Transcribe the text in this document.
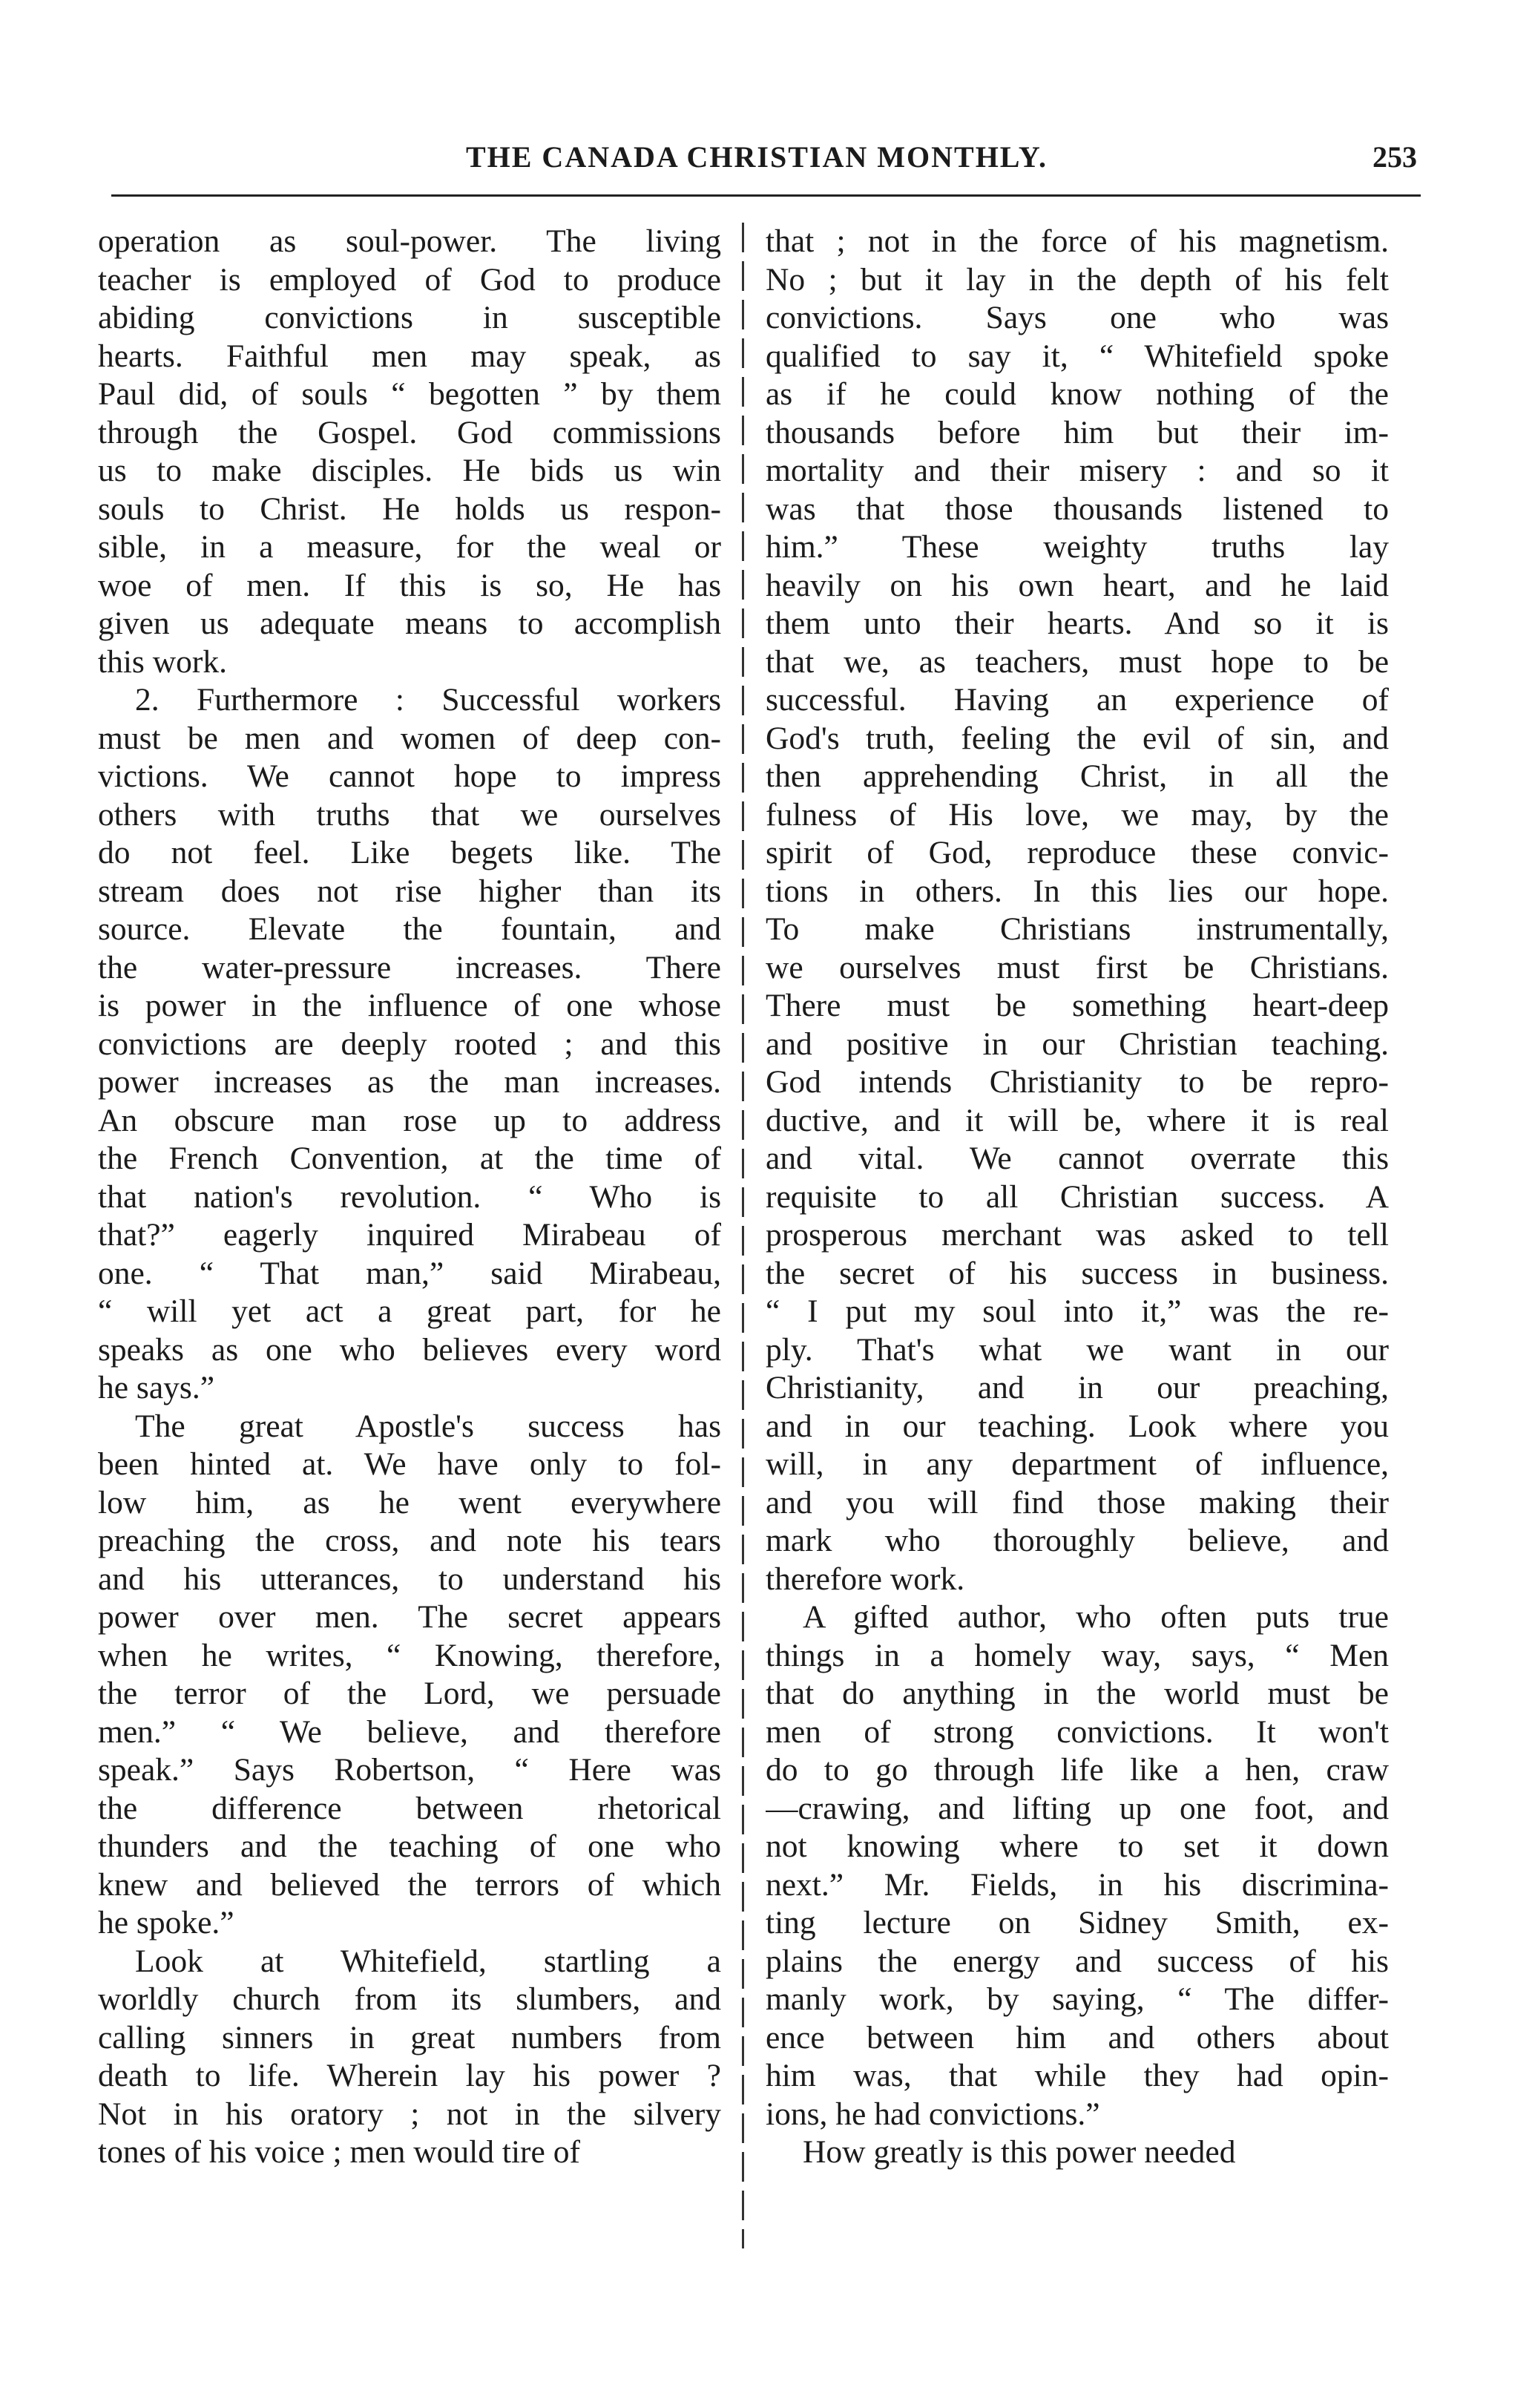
THE CANADA CHRISTIAN MONTHLY.	253
operation as soul-power. The living
teacher is employed of God to produce
abiding convictions in susceptible
hearts. Faithful men may speak, as
Paul did, of souls “ begotten ” by them
through the Gospel. God commissions
us to make disciples. He bids us win
souls to Christ. He holds us respon-
sible, in a measure, for the weal or
woe of men. If this is so, He has
given us adequate means to accomplish
this work.
2. Furthermore : Successful workers
must be men and women of deep con-
victions. We cannot hope to impress
others with truths that we ourselves
do not feel. Like begets like. The
stream does not rise higher than its
source. Elevate the fountain, and
the water-pressure increases. There
is power in the influence of one whose
convictions are deeply rooted ; and this
power increases as the man increases.
An obscure man rose up to address
the French Convention, at the time of
that nation's revolution. “ Who is
that?” eagerly inquired Mirabeau of
one. “ That man,” said Mirabeau,
“ will yet act a great part, for he
speaks as one who believes every word
he says.”
The great Apostle's success has
been hinted at. We have only to fol-
low him, as he went everywhere
preaching the cross, and note his tears
and his utterances, to understand his
power over men. The secret appears
when he writes, “ Knowing, therefore,
the terror of the Lord, we persuade
men.” “ We believe, and therefore
speak.” Says Robertson, “ Here was
the difference between rhetorical
thunders and the teaching of one who
knew and believed the terrors of which
he spoke.”
Look at Whitefield, startling a
worldly church from its slumbers, and
calling sinners in great numbers from
death to life. Wherein lay his power ?
Not in his oratory ; not in the silvery
tones of his voice ; men would tire of
that ; not in the force of his magnetism.
No ; but it lay in the depth of his felt
convictions. Says one who was
qualified to say it, “ Whitefield spoke
as if he could know nothing of the
thousands before him but their im-
mortality and their misery : and so it
was that those thousands listened to
him.” These weighty truths lay
heavily on his own heart, and he laid
them unto their hearts. And so it is
that we, as teachers, must hope to be
successful. Having an experience of
God's truth, feeling the evil of sin, and
then apprehending Christ, in all the
fulness of His love, we may, by the
spirit of God, reproduce these convic-
tions in others. In this lies our hope.
To make Christians instrumentally,
we ourselves must first be Christians.
There must be something heart-deep
and positive in our Christian teaching.
God intends Christianity to be repro-
ductive, and it will be, where it is real
and vital. We cannot overrate this
requisite to all Christian success. A
prosperous merchant was asked to tell
the secret of his success in business.
“ I put my soul into it,” was the re-
ply. That's what we want in our
Christianity, and in our preaching,
and in our teaching. Look where you
will, in any department of influence,
and you will find those making their
mark who thoroughly believe, and
therefore work.
A gifted author, who often puts true
things in a homely way, says, “ Men
that do anything in the world must be
men of strong convictions. It won't
do to go through life like a hen, craw
—crawing, and lifting up one foot, and
not knowing where to set it down
next.” Mr. Fields, in his discrimina-
ting lecture on Sidney Smith, ex-
plains the energy and success of his
manly work, by saying, “ The differ-
ence between him and others about
him was, that while they had opin-
ions, he had convictions.”
How greatly is this power needed
